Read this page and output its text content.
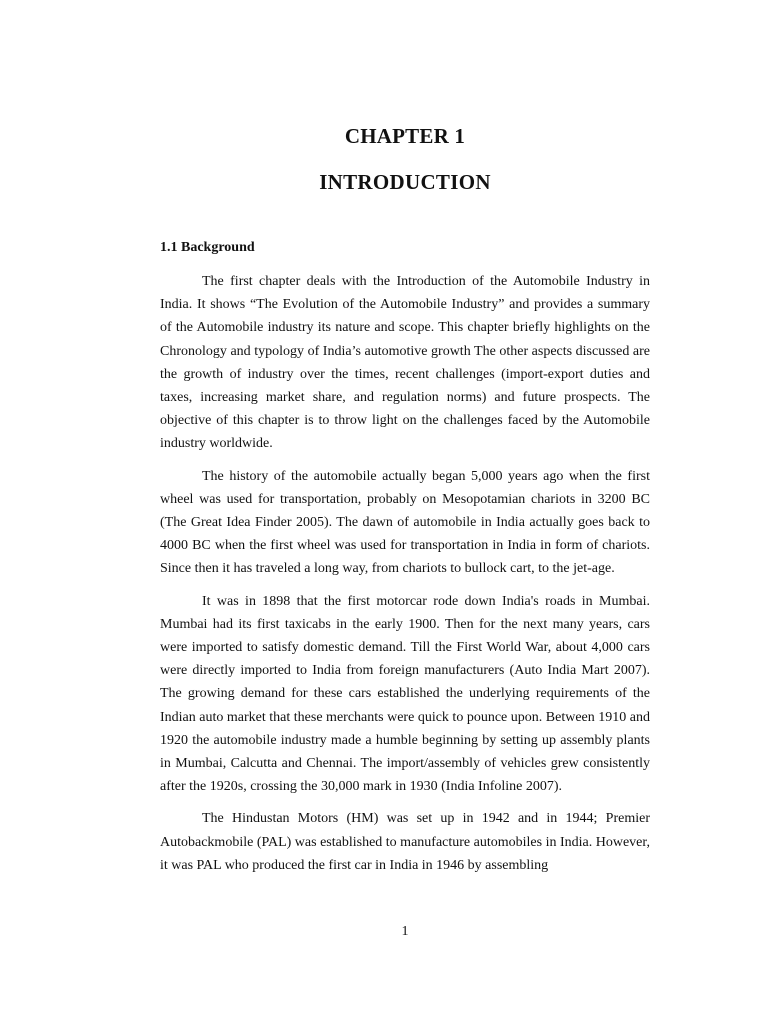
CHAPTER 1
INTRODUCTION
1.1 Background

The first chapter deals with the Introduction of the Automobile Industry in India. It shows “The Evolution of the Automobile Industry” and provides a summary of the Automobile industry its nature and scope. This chapter briefly highlights on the Chronology and typology of India’s automotive growth The other aspects discussed are the growth of industry over the times, recent challenges (import-export duties and taxes, increasing market share, and regulation norms) and future prospects. The objective of this chapter is to throw light on the challenges faced by the Automobile industry worldwide.

The history of the automobile actually began 5,000 years ago when the first wheel was used for transportation, probably on Mesopotamian chariots in 3200 BC (The Great Idea Finder 2005). The dawn of automobile in India actually goes back to 4000 BC when the first wheel was used for transportation in India in form of chariots. Since then it has traveled a long way, from chariots to bullock cart, to the jet-age.

It was in 1898 that the first motorcar rode down India's roads in Mumbai. Mumbai had its first taxicabs in the early 1900. Then for the next many years, cars were imported to satisfy domestic demand. Till the First World War, about 4,000 cars were directly imported to India from foreign manufacturers (Auto India Mart 2007). The growing demand for these cars established the underlying requirements of the Indian auto market that these merchants were quick to pounce upon. Between 1910 and 1920 the automobile industry made a humble beginning by setting up assembly plants in Mumbai, Calcutta and Chennai. The import/assembly of vehicles grew consistently after the 1920s, crossing the 30,000 mark in 1930 (India Infoline 2007).

The Hindustan Motors (HM) was set up in 1942 and in 1944; Premier Autobackmobile (PAL) was established to manufacture automobiles in India. However, it was PAL who produced the first car in India in 1946 by assembling

1
